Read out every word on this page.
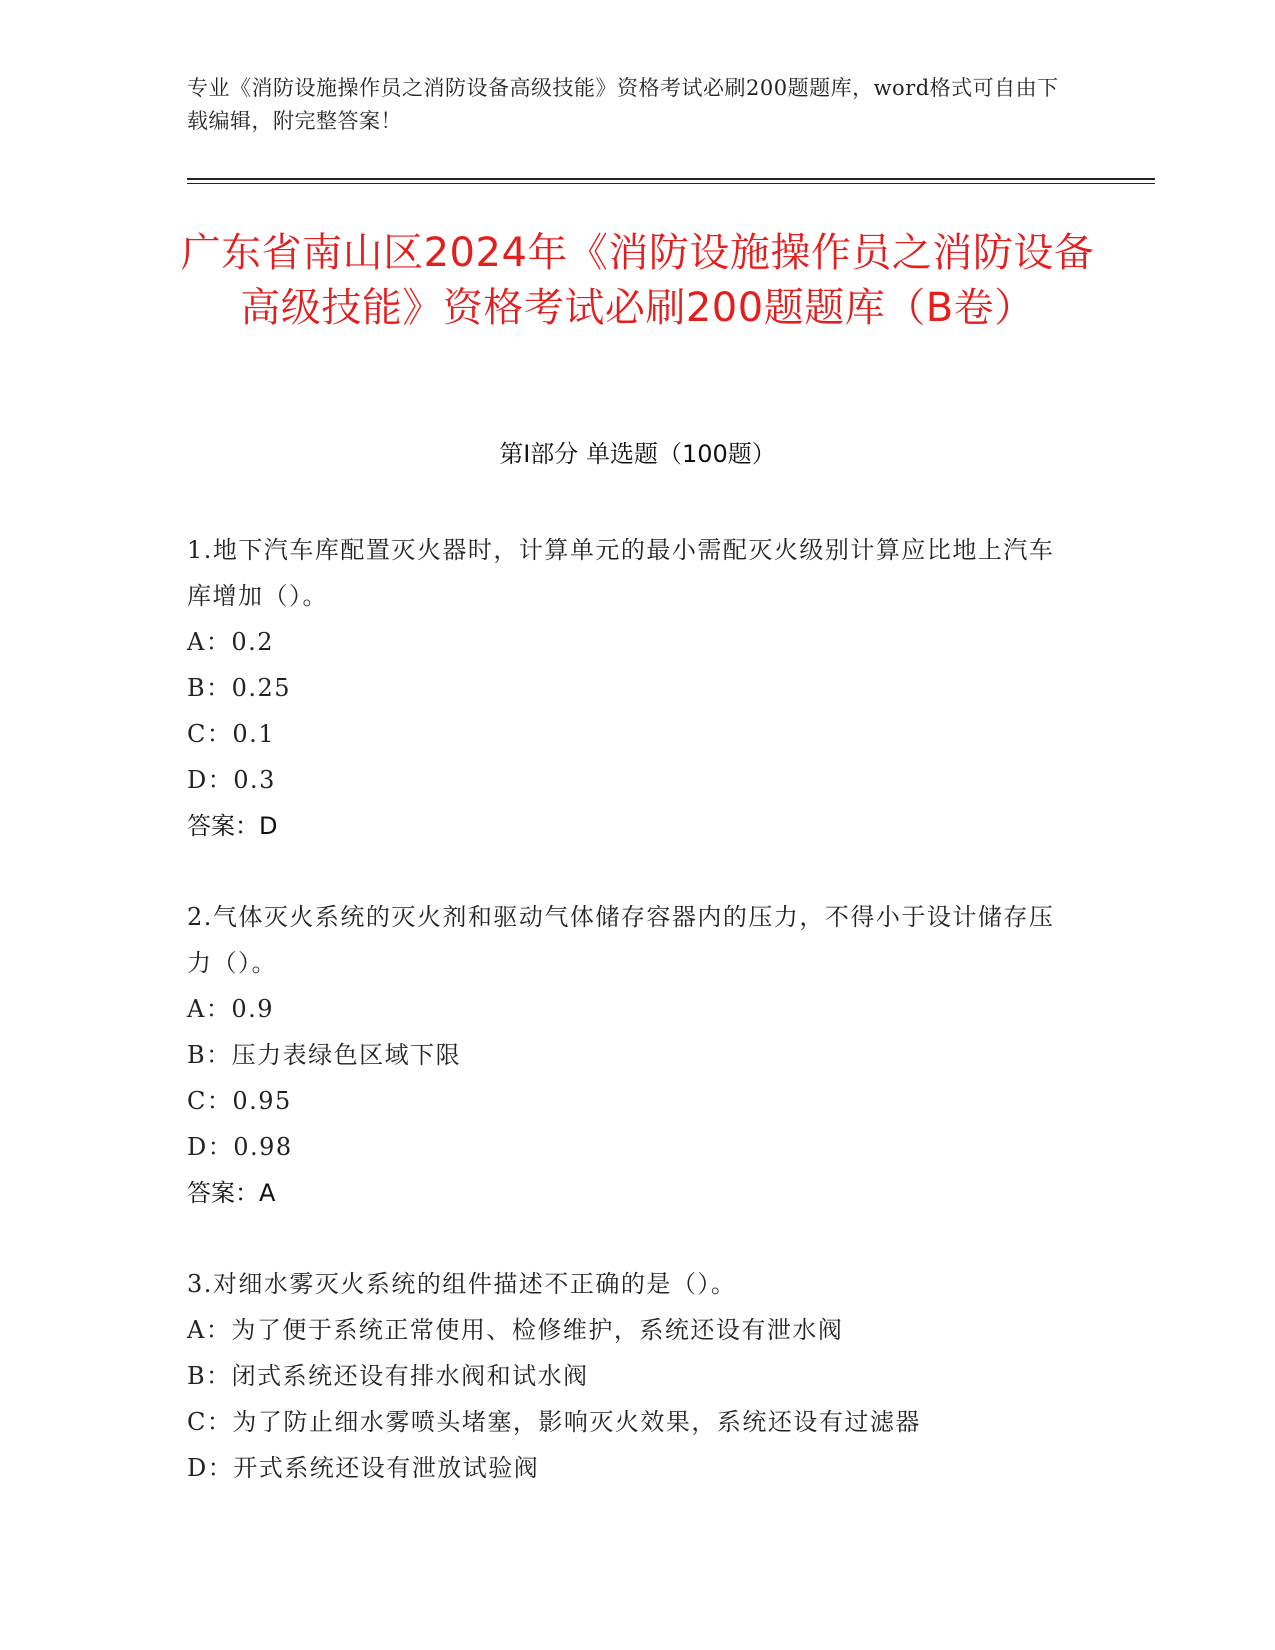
专业《消防设施操作员之消防设备高级技能》资格考试必刷200题题库，word格式可自由下载编辑，附完整答案！
广东省南山区2024年《消防设施操作员之消防设备高级技能》资格考试必刷200题题库（B卷）
第I部分 单选题（100题）
1.地下汽车库配置灭火器时，计算单元的最小需配灭火级别计算应比地上汽车库增加（）。
A：0.2
B：0.25
C：0.1
D：0.3
答案：D
2.气体灭火系统的灭火剂和驱动气体储存容器内的压力，不得小于设计储存压力（）。
A：0.9
B：压力表绿色区域下限
C：0.95
D：0.98
答案：A
3.对细水雾灭火系统的组件描述不正确的是（）。
A：为了便于系统正常使用、检修维护，系统还设有泄水阀
B：闭式系统还设有排水阀和试水阀
C：为了防止细水雾喷头堵塞，影响灭火效果，系统还设有过滤器
D：开式系统还设有泄放试验阀
